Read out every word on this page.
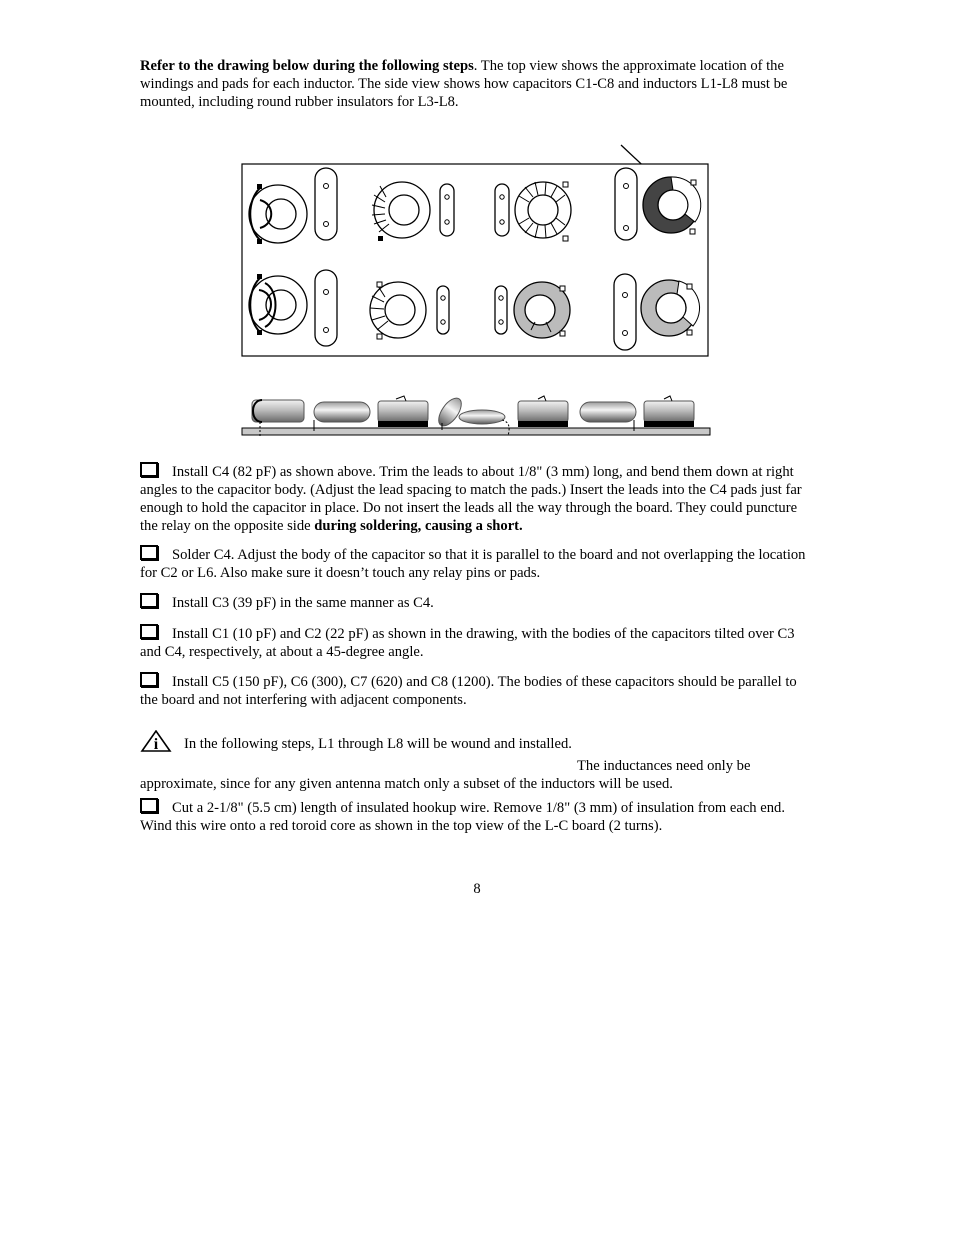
Refer to the drawing below during the following steps. The top view shows the approximate location of the windings and pads for each inductor. The side view shows how capacitors C1-C8 and inductors L1-L8 must be mounted, including round rubber insulators for L3-L8.

Install C4 (82 pF) as shown above. Trim the leads to about 1/8" (3 mm) long, and bend them down at right angles to the capacitor body. (Adjust the lead spacing to match the pads.) Insert the leads into the C4 pads just far enough to hold the capacitor in place. Do not insert the leads all the way through the board. They could puncture the relay on the opposite side during soldering, causing a short.

Solder C4. Adjust the body of the capacitor so that it is parallel to the board and not overlapping the location for C2 or L6. Also make sure it doesn’t touch any relay pins or pads.

Install C3 (39 pF) in the same manner as C4.

Install C1 (10 pF) and C2 (22 pF) as shown in the drawing, with the bodies of the capacitors tilted over C3 and C4, respectively, at about a 45-degree angle.

Install C5 (150 pF), C6 (300), C7 (620) and C8 (1200). The bodies of these capacitors should be parallel to the board and not interfering with adjacent components.

i In the following steps, L1 through L8 will be wound and installed.

The inductances need only be

approximate, since for any given antenna match only a subset of the inductors will be used.

Cut a 2-1/8" (5.5 cm) length of insulated hookup wire. Remove 1/8" (3 mm) of insulation from each end. Wind this wire onto a red toroid core as shown in the top view of the L-C board (2 turns).

8
